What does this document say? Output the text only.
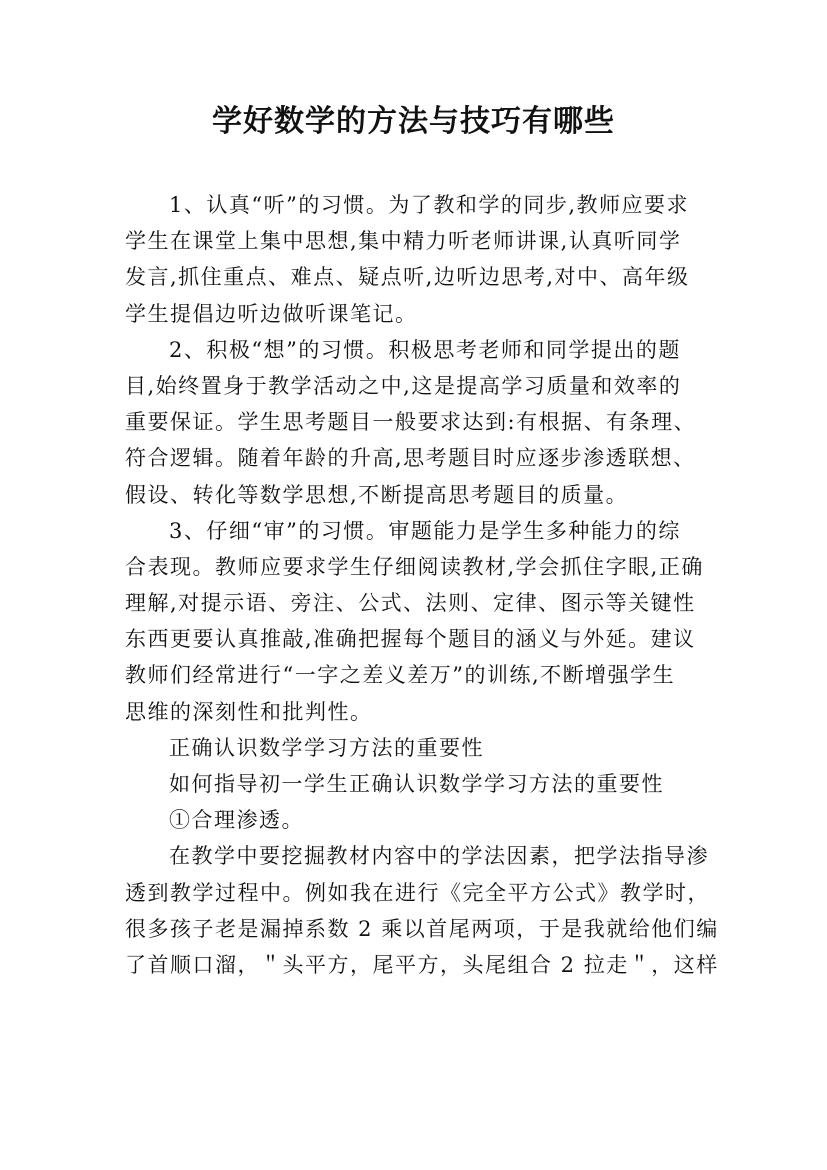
学好数学的方法与技巧有哪些
1、认真“听”的习惯。为了教和学的同步,教师应要求
学生在课堂上集中思想,集中精力听老师讲课,认真听同学
发言,抓住重点、难点、疑点听,边听边思考,对中、高年级
学生提倡边听边做听课笔记。
2、积极“想”的习惯。积极思考老师和同学提出的题
目,始终置身于教学活动之中,这是提高学习质量和效率的
重要保证。学生思考题目一般要求达到:有根据、有条理、
符合逻辑。随着年龄的升高,思考题目时应逐步渗透联想、
假设、转化等数学思想,不断提高思考题目的质量。
3、仔细“审”的习惯。审题能力是学生多种能力的综
合表现。教师应要求学生仔细阅读教材,学会抓住字眼,正确
理解,对提示语、旁注、公式、法则、定律、图示等关键性
东西更要认真推敲,准确把握每个题目的涵义与外延。建议
教师们经常进行“一字之差义差万”的训练,不断增强学生
思维的深刻性和批判性。
正确认识数学学习方法的重要性
如何指导初一学生正确认识数学学习方法的重要性
①合理渗透。
在教学中要挖掘教材内容中的学法因素，把学法指导渗
透到教学过程中。例如我在进行《完全平方公式》教学时，
很多孩子老是漏掉系数 2 乘以首尾两项，于是我就给他们编
了首顺口溜，＂头平方，尾平方，头尾组合 2 拉走＂，这样
